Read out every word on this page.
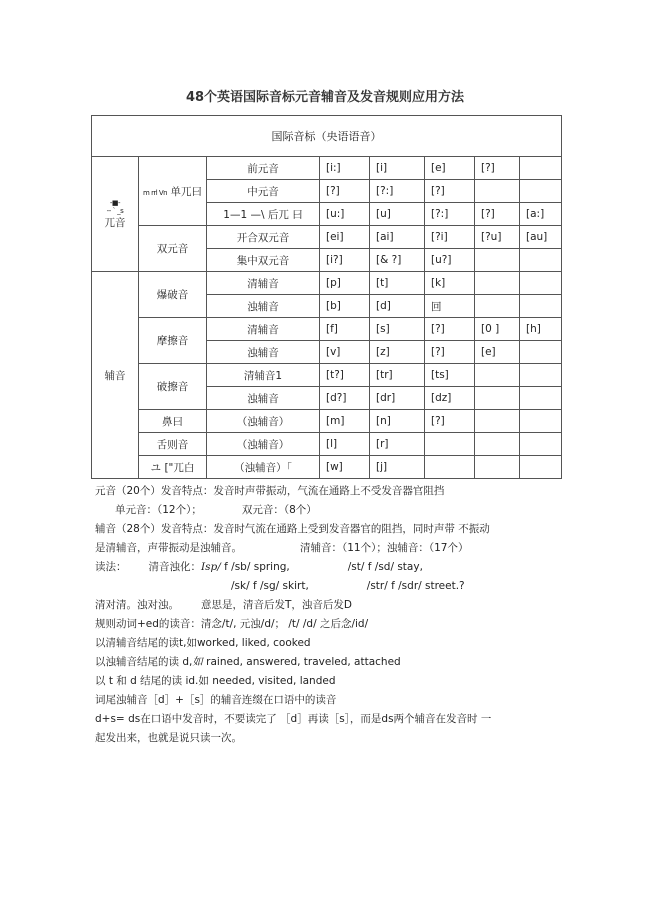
48个英语国际音标元音辅音及发音规则应用方法
国际音标（央语语音）							

-■-
-- ` _s
兀音	m rrl Vn 单兀曰	前元音	[i:]	[i]	[e]	[?]	
		中元音	[?]	[?:]	[?]		
		1—1 —\ 后兀 曰	[u:]	[u]	[?:]	[?]	[a:]
	双元音	开合双元音	[ei]	[ai]	[?i]	[?u]	[au]
		集中双元音	[i?]	[& ?]	[u?]		
辅音	爆破音	清辅音	[p]	[t]	[k]		
		浊辅音	[b]	[d]	回		
	摩擦音	清辅音	[f]	[s]	[?]	[0 ]	[h]
		浊辅音	[v]	[z]	[?]	[e]	
	破擦音	清辅音1	[t?]	[tr]	[ts]		
		浊辅音	[d?]	[dr]	[dz]		
	鼻曰	（浊辅音）	[m]	[n]	[?]		
	舌则音	（浊辅音）	[l]	[r]			
	ユ ["兀白	（浊辅音）「	[w]	[j]			
元音（20个）发音特点：发音时声带振动，气流在通路上不受发音器官阻挡
单元音：（12个）；	双元音：（8个）
辅音（28个）发音特点：发音时气流在通路上受到发音器官的阻挡，同时声带 不振动
是清辅音，声带振动是浊辅音。	清辅音：（11个）；浊辅音：（17个）
读法： 清音浊化：Isp/ f /sb/ spring,	/st/ f /sd/ stay,
/sk/ f /sg/ skirt,	/str/ f /sdr/ street.?
清对清。浊对浊。 意思是，清音后发T，浊音后发D
规则动词+ed的读音：清念/t/, 元浊/d/； /t/ /d/ 之后念/id/
以清辅音结尾的读t,如worked, liked, cooked
以浊辅音结尾的读 d,如 rained, answered, traveled, attached
以 t 和 d 结尾的读 id.如 needed, visited, landed
词尾浊辅音［d］+［s］的辅音连缀在口语中的读音
d+s= ds在口语中发音时，不要读完了 ［d］再读［s］，而是ds两个辅音在发音时 一
起发出来，也就是说只读一次。
